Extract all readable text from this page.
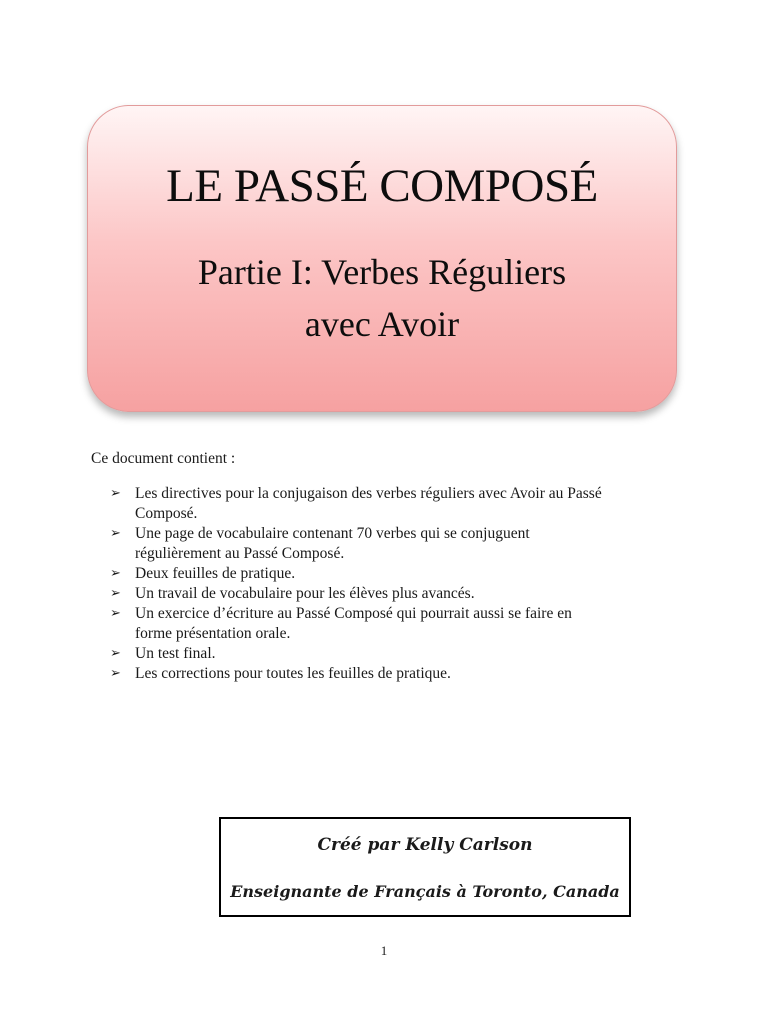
LE PASSÉ COMPOSÉ
Partie I: Verbes Réguliers
avec Avoir
Ce document contient :
➢ Les directives pour la conjugaison des verbes réguliers avec Avoir au Passé
Composé.
➢ Une page de vocabulaire contenant 70 verbes qui se conjuguent
régulièrement au Passé Composé.
➢ Deux feuilles de pratique.
➢ Un travail de vocabulaire pour les élèves plus avancés.
➢ Un exercice d’écriture au Passé Composé qui pourrait aussi se faire en
forme présentation orale.
➢ Un test final.
➢ Les corrections pour toutes les feuilles de pratique.
Créé par Kelly Carlson
Enseignante de Français à Toronto, Canada
1
